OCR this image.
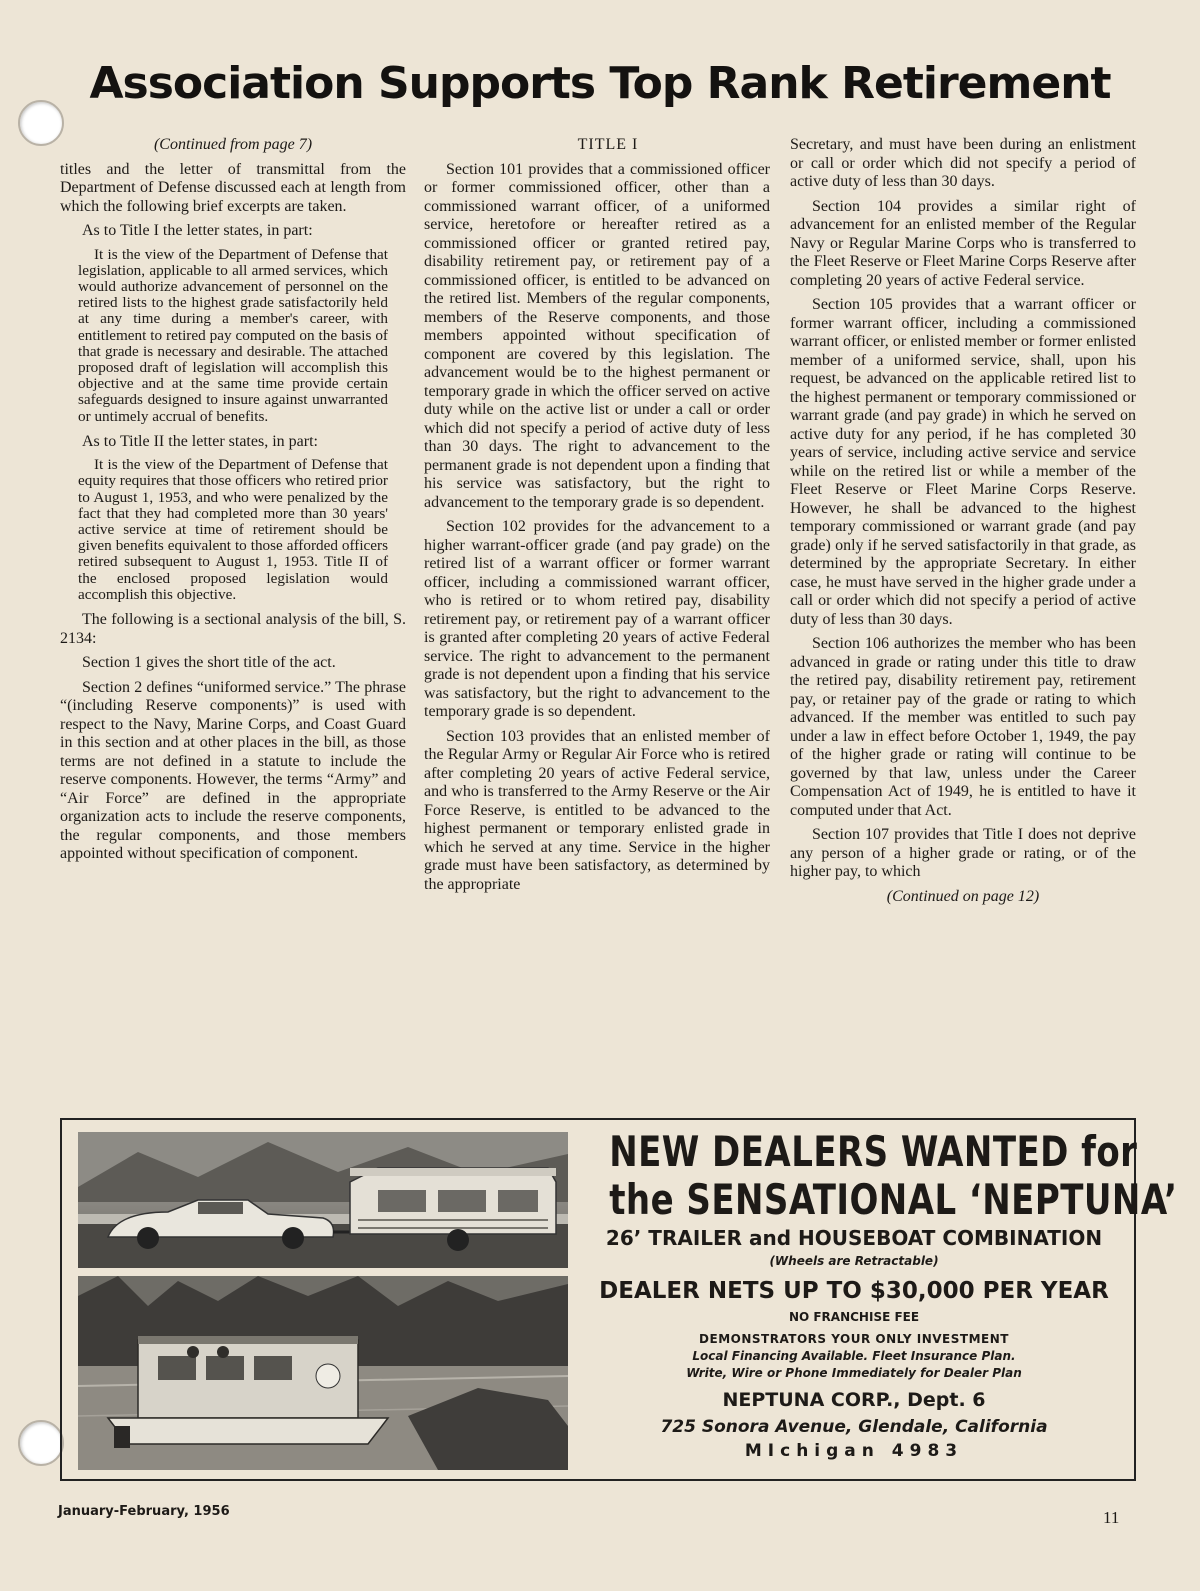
Association Supports Top Rank Retirement

(Continued from page 7)

titles and the letter of transmittal from the Department of Defense discussed each at length from which the following brief excerpts are taken.

As to Title I the letter states, in part:

It is the view of the Department of Defense that legislation, applicable to all armed services, which would authorize advancement of personnel on the retired lists to the highest grade satisfactorily held at any time during a member's career, with entitlement to retired pay computed on the basis of that grade is necessary and desirable. The attached proposed draft of legislation will accomplish this objective and at the same time provide certain safeguards designed to insure against unwarranted or untimely accrual of benefits.

As to Title II the letter states, in part:

It is the view of the Department of Defense that equity requires that those officers who retired prior to August 1, 1953, and who were penalized by the fact that they had completed more than 30 years' active service at time of retirement should be given benefits equivalent to those afforded officers retired subsequent to August 1, 1953. Title II of the enclosed proposed legislation would accomplish this objective.

The following is a sectional analysis of the bill, S. 2134:

Section 1 gives the short title of the act.

Section 2 defines “uniformed service.” The phrase “(including Reserve components)” is used with respect to the Navy, Marine Corps, and Coast Guard in this section and at other places in the bill, as those terms are not defined in a statute to include the reserve components. However, the terms “Army” and “Air Force” are defined in the appropriate organization acts to include the reserve components, the regular components, and those members appointed without specification of component.

TITLE I

Section 101 provides that a commissioned officer or former commissioned officer, other than a commissioned warrant officer, of a uniformed service, heretofore or hereafter retired as a commissioned officer or granted retired pay, disability retirement pay, or retirement pay of a commissioned officer, is entitled to be advanced on the retired list. Members of the regular components, members of the Reserve components, and those members appointed without specification of component are covered by this legislation. The advancement would be to the highest permanent or temporary grade in which the officer served on active duty while on the active list or under a call or order which did not specify a period of active duty of less than 30 days. The right to advancement to the permanent grade is not dependent upon a finding that his service was satisfactory, but the right to advancement to the temporary grade is so dependent.

Section 102 provides for the advancement to a higher warrant-officer grade (and pay grade) on the retired list of a warrant officer or former warrant officer, including a commissioned warrant officer, who is retired or to whom retired pay, disability retirement pay, or retirement pay of a warrant officer is granted after completing 20 years of active Federal service. The right to advancement to the permanent grade is not dependent upon a finding that his service was satisfactory, but the right to advancement to the temporary grade is so dependent.

Section 103 provides that an enlisted member of the Regular Army or Regular Air Force who is retired after completing 20 years of active Federal service, and who is transferred to the Army Reserve or the Air Force Reserve, is entitled to be advanced to the highest permanent or temporary enlisted grade in which he served at any time. Service in the higher grade must have been satisfactory, as determined by the appropriate

Secretary, and must have been during an enlistment or call or order which did not specify a period of active duty of less than 30 days.

Section 104 provides a similar right of advancement for an enlisted member of the Regular Navy or Regular Marine Corps who is transferred to the Fleet Reserve or Fleet Marine Corps Reserve after completing 20 years of active Federal service.

Section 105 provides that a warrant officer or former warrant officer, including a commissioned warrant officer, or enlisted member or former enlisted member of a uniformed service, shall, upon his request, be advanced on the applicable retired list to the highest permanent or temporary commissioned or warrant grade (and pay grade) in which he served on active duty for any period, if he has completed 30 years of service, including active service and service while on the retired list or while a member of the Fleet Reserve or Fleet Marine Corps Reserve. However, he shall be advanced to the highest temporary commissioned or warrant grade (and pay grade) only if he served satisfactorily in that grade, as determined by the appropriate Secretary. In either case, he must have served in the higher grade under a call or order which did not specify a period of active duty of less than 30 days.

Section 106 authorizes the member who has been advanced in grade or rating under this title to draw the retired pay, disability retirement pay, retirement pay, or retainer pay of the grade or rating to which advanced. If the member was entitled to such pay under a law in effect before October 1, 1949, the pay of the higher grade or rating will continue to be governed by that law, unless under the Career Compensation Act of 1949, he is entitled to have it computed under that Act.

Section 107 provides that Title I does not deprive any person of a higher grade or rating, or of the higher pay, to which

(Continued on page 12)

NEW DEALERS WANTED for
the SENSATIONAL ‘NEPTUNA’
26’ TRAILER and HOUSEBOAT COMBINATION
(Wheels are Retractable)
DEALER NETS UP TO $30,000 PER YEAR
NO FRANCHISE FEE
DEMONSTRATORS YOUR ONLY INVESTMENT
Local Financing Available. Fleet Insurance Plan.
Write, Wire or Phone Immediately for Dealer Plan
NEPTUNA CORP., Dept. 6
725 Sonora Avenue, Glendale, California
MIchigan 4983
January-February, 1956	11
